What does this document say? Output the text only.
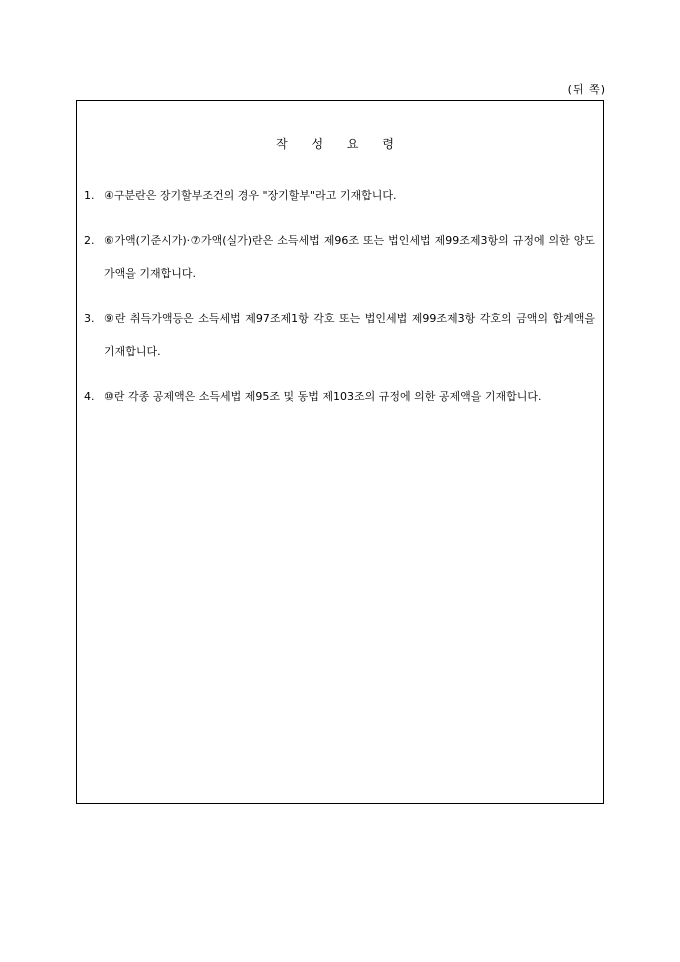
(뒤 쪽)
작 성 요 령
1. ④구분란은 장기할부조건의 경우 "장기할부"라고 기재합니다.
2. ⑥가액(기준시가)·⑦가액(실가)란은 소득세법 제96조 또는 법인세법 제99조제3항의 규정에 의한 양도가액을 기재합니다.
3. ⑨란 취득가액등은 소득세법 제97조제1항 각호 또는 법인세법 제99조제3항 각호의 금액의 합계액을 기재합니다.
4. ⑩란 각종 공제액은 소득세법 제95조 및 동법 제103조의 규정에 의한 공제액을 기재합니다.
